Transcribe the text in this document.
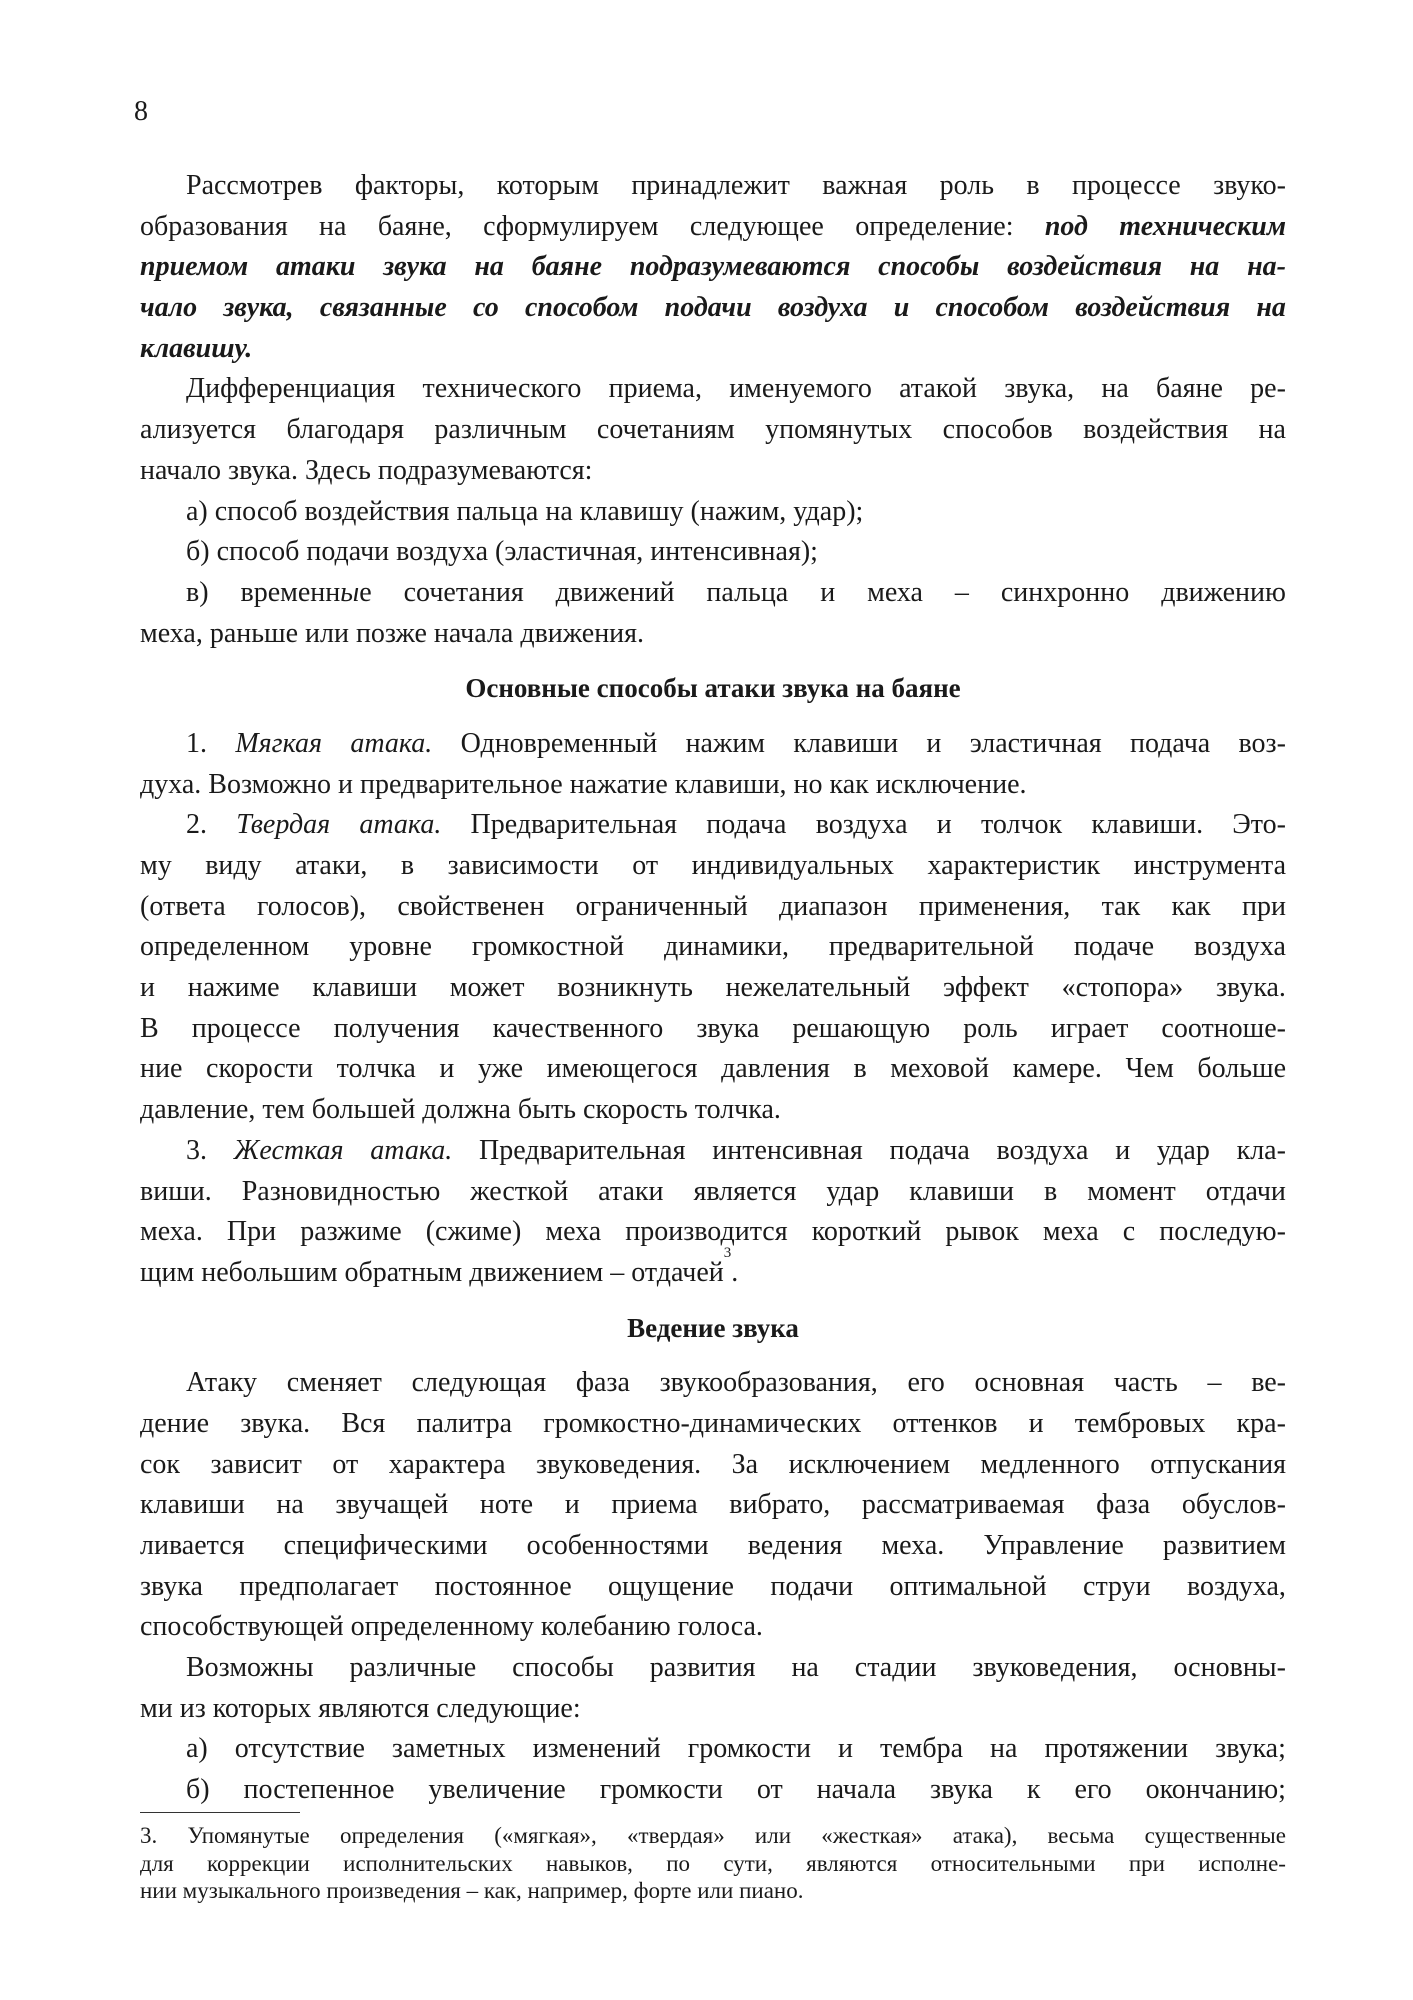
8
Рассмотрев факторы, которым принадлежит важная роль в процессе звуко-
образования на баяне, сформулируем следующее определение: под техническим
приемом атаки звука на баяне подразумеваются способы воздействия на на-
чало звука, связанные со способом подачи воздуха и способом воздействия на
клавишу.
Дифференциация технического приема, именуемого атакой звука, на баяне ре-
ализуется благодаря различным сочетаниям упомянутых способов воздействия на
начало звука. Здесь подразумеваются:
а) способ воздействия пальца на клавишу (нажим, удар);
б) способ подачи воздуха (эластичная, интенсивная);
в) временные сочетания движений пальца и меха – синхронно движению
меха, раньше или позже начала движения.
Основные способы атаки звука на баяне
1. Мягкая атака. Одновременный нажим клавиши и эластичная подача воз-
духа. Возможно и предварительное нажатие клавиши, но как исключение.
2. Твердая атака. Предварительная подача воздуха и толчок клавиши. Это-
му виду атаки, в зависимости от индивидуальных характеристик инструмента
(ответа голосов), свойственен ограниченный диапазон применения, так как при
определенном уровне громкостной динамики, предварительной подаче воздуха
и нажиме клавиши может возникнуть нежелательный эффект «стопора» звука.
В процессе получения качественного звука решающую роль играет соотноше-
ние скорости толчка и уже имеющегося давления в меховой камере. Чем больше
давление, тем большей должна быть скорость толчка.
3. Жесткая атака. Предварительная интенсивная подача воздуха и удар кла-
виши. Разновидностью жесткой атаки является удар клавиши в момент отдачи
меха. При разжиме (сжиме) меха производится короткий рывок меха с последую-
щим небольшим обратным движением – отдачей
3
.
Ведение звука
Атаку сменяет следующая фаза звукообразования, его основная часть – ве-
дение звука. Вся палитра громкостно-динамических оттенков и тембровых кра-
сок зависит от характера звуковедения. За исключением медленного отпускания
клавиши на звучащей ноте и приема вибрато, рассматриваемая фаза обуслов-
ливается специфическими особенностями ведения меха. Управление развитием
звука предполагает постоянное ощущение подачи оптимальной струи воздуха,
способствующей определенному колебанию голоса.
Возможны различные способы развития на стадии звуковедения, основны-
ми из которых являются следующие:
а) отсутствие заметных изменений громкости и тембра на протяжении звука;
б) постепенное увеличение громкости от начала звука к его окончанию;
3. Упомянутые определения («мягкая», «твердая» или «жесткая» атака), весьма существенные
для коррекции исполнительских навыков, по сути, являются относительными при исполне-
нии музыкального произведения – как, например, форте или пиано.
